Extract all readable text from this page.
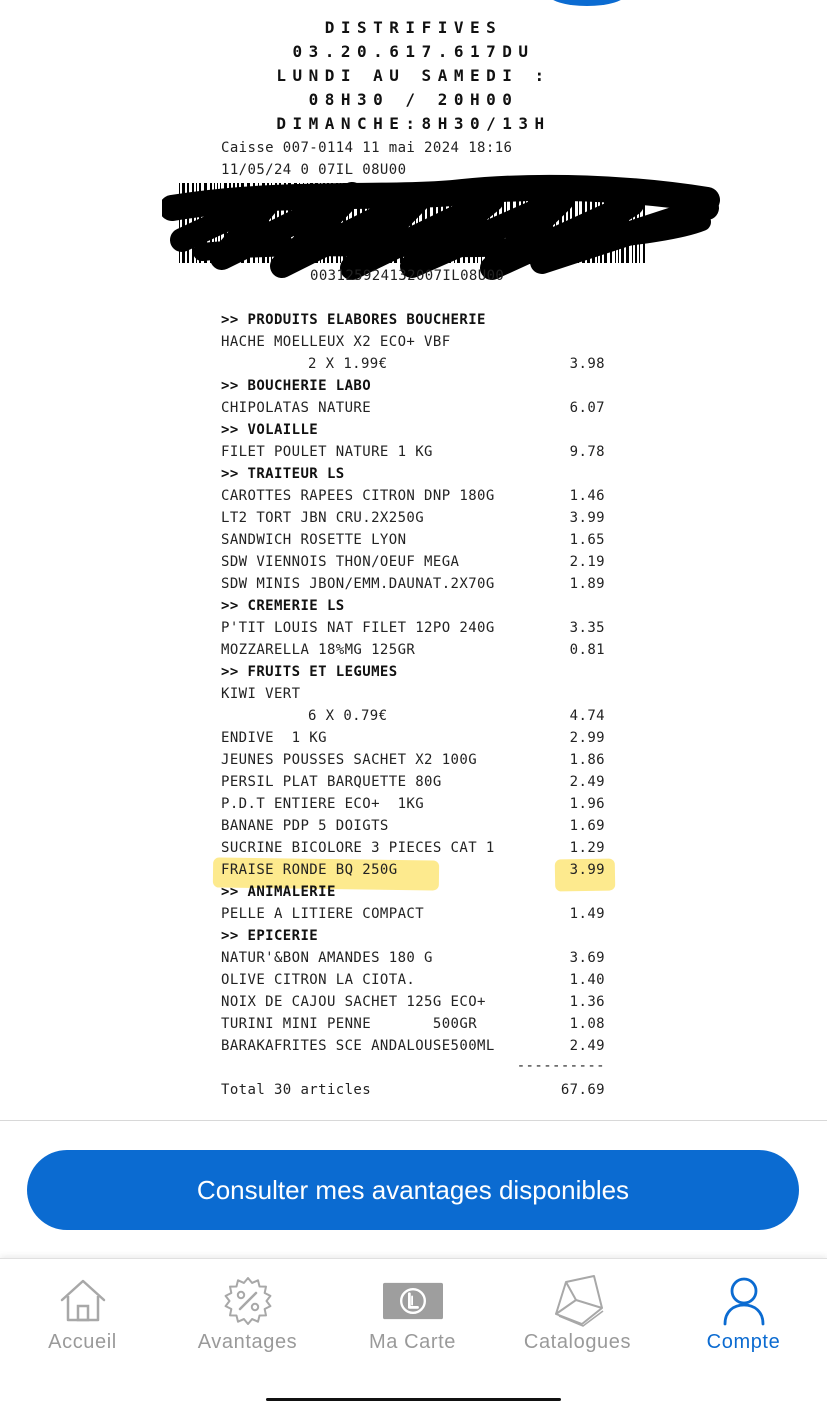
DISTRIFIVES
03.20.617.617DU
LUNDI AU SAMEDI :
08H30 / 20H00
DIMANCHE:8H30/13H
Caisse 007-0114 11 mai 2024 18:16
11/05/24 0 07IL 08U00
003125924132007IL08U00
>> PRODUITS ELABORES BOUCHERIE
HACHE MOELLEUX X2 ECO+ VBF
2 X 1.99€	3.98
>> BOUCHERIE LABO
CHIPOLATAS NATURE	6.07
>> VOLAILLE
FILET POULET NATURE 1 KG	9.78
>> TRAITEUR LS
CAROTTES RAPEES CITRON DNP 180G	1.46
LT2 TORT JBN CRU.2X250G	3.99
SANDWICH ROSETTE LYON	1.65
SDW VIENNOIS THON/OEUF MEGA	2.19
SDW MINIS JBON/EMM.DAUNAT.2X70G	1.89
>> CREMERIE LS
P'TIT LOUIS NAT FILET 12PO 240G	3.35
MOZZARELLA 18%MG 125GR	0.81
>> FRUITS ET LEGUMES
KIWI VERT
6 X 0.79€	4.74
ENDIVE  1 KG	2.99
JEUNES POUSSES SACHET X2 100G	1.86
PERSIL PLAT BARQUETTE 80G	2.49
P.D.T ENTIERE ECO+  1KG	1.96
BANANE PDP 5 DOIGTS	1.69
SUCRINE BICOLORE 3 PIECES CAT 1	1.29
FRAISE RONDE BQ 250G	3.99
>> ANIMALERIE
PELLE A LITIERE COMPACT	1.49
>> EPICERIE
NATUR'&BON AMANDES 180 G	3.69
OLIVE CITRON LA CIOTA.	1.40
NOIX DE CAJOU SACHET 125G ECO+	1.36
TURINI MINI PENNE       500GR	1.08
BARAKAFRITES SCE ANDALOUSE500ML	2.49
----------
Total 30 articles	67.69
Consulter mes avantages disponibles
Accueil	Avantages	Ma Carte	Catalogues	Compte
